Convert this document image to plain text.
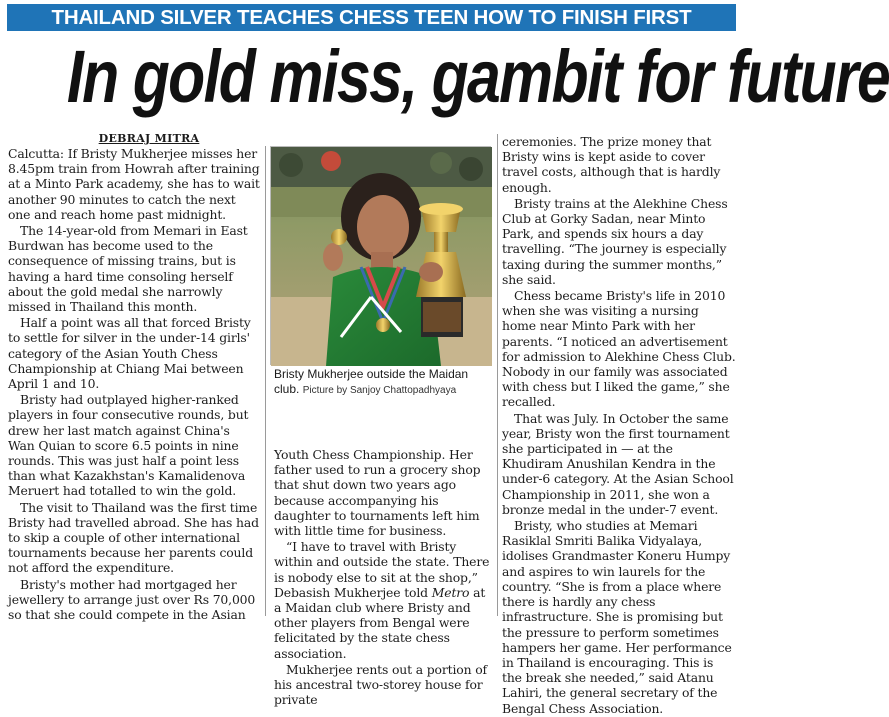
THAILAND SILVER TEACHES CHESS TEEN HOW TO FINISH FIRST
In gold miss, gambit for future
DEBRAJ MITRA

Calcutta: If Bristy Mukherjee misses her 8.45pm train from Howrah after training at a Minto Park academy, she has to wait another 90 minutes to catch the next one and reach home past midnight.

The 14-year-old from Memari in East Burdwan has become used to the consequence of missing trains, but is having a hard time consoling herself about the gold medal she narrowly missed in Thailand this month.

Half a point was all that forced Bristy to settle for silver in the under-14 girls' category of the Asian Youth Chess Championship at Chiang Mai between April 1 and 10.

Bristy had outplayed higher-ranked players in four consecutive rounds, but drew her last match against China's Wan Quian to score 6.5 points in nine rounds. This was just half a point less than what Kazakhstan's Kamalidenova Meruert had totalled to win the gold.

The visit to Thailand was the first time Bristy had travelled abroad. She has had to skip a couple of other international tournaments because her parents could not afford the expenditure.

Bristy's mother had mortgaged her jewellery to arrange just over Rs 70,000 so that she could compete in the Asian

Bristy Mukherjee outside the Maidan club. Picture by Sanjoy Chattopadhyaya

Youth Chess Championship. Her father used to run a grocery shop that shut down two years ago because accompanying his daughter to tournaments left him with little time for business.

“I have to travel with Bristy within and outside the state. There is nobody else to sit at the shop,” Debasish Mukherjee told Metro at a Maidan club where Bristy and other players from Bengal were felicitated by the state chess association.

Mukherjee rents out a portion of his ancestral two-storey house for private

ceremonies. The prize money that Bristy wins is kept aside to cover travel costs, although that is hardly enough.

Bristy trains at the Alekhine Chess Club at Gorky Sadan, near Minto Park, and spends six hours a day travelling. “The journey is especially taxing during the summer months,” she said.

Chess became Bristy's life in 2010 when she was visiting a nursing home near Minto Park with her parents. “I noticed an advertisement for admission to Alekhine Chess Club. Nobody in our family was associated with chess but I liked the game,” she recalled.

That was July. In October the same year, Bristy won the first tournament she participated in — at the Khudiram Anushilan Kendra in the under-6 category. At the Asian School Championship in 2011, she won a bronze medal in the under-7 event.

Bristy, who studies at Memari Rasiklal Smriti Balika Vidyalaya, idolises Grandmaster Koneru Humpy and aspires to win laurels for the country. “She is from a place where there is hardly any chess infrastructure. She is promising but the pressure to perform sometimes hampers her game. Her performance in Thailand is encouraging. This is the break she needed,” said Atanu Lahiri, the general secretary of the Bengal Chess Association.
